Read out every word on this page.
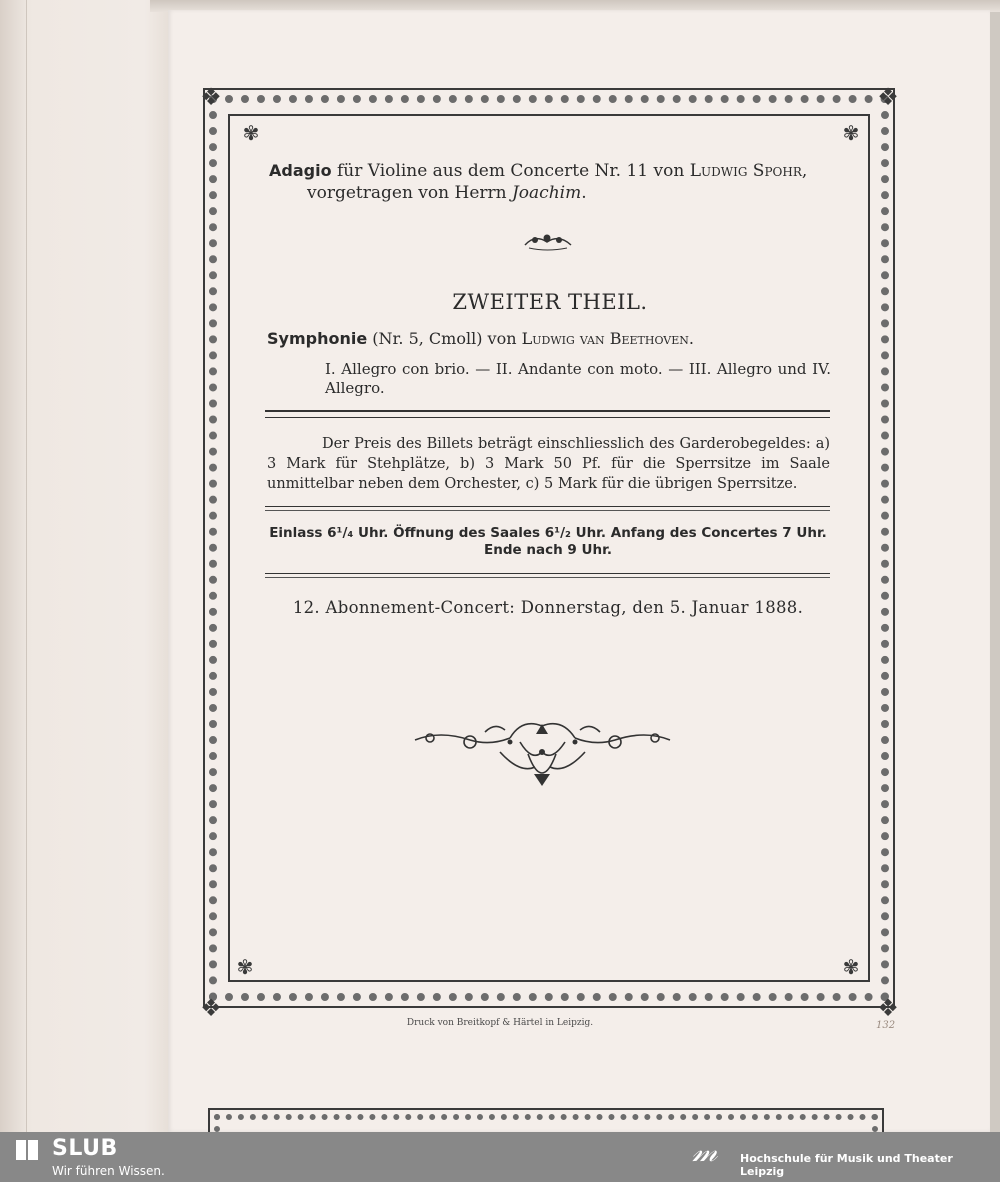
❖	❖
❖	❖
✾	✾
✾	✾
Adagio für Violine aus dem Concerte Nr. 11 von Ludwig Spohr,
vorgetragen von Herrn Joachim.
ZWEITER THEIL.
Symphonie (Nr. 5, Cmoll) von Ludwig van Beethoven.
I. Allegro con brio. — II. Andante con moto. — III. Allegro und IV. Allegro.
Der Preis des Billets beträgt einschliesslich des Garderobegeldes: a) 3 Mark für Stehplätze, b) 3 Mark 50 Pf. für die Sperrsitze im Saale unmittelbar neben dem Orchester, c) 5 Mark für die übrigen Sperrsitze.
Einlass 6¹/₄ Uhr. Öffnung des Saales 6¹/₂ Uhr. Anfang des Concertes 7 Uhr.
Ende nach 9 Uhr.
12. Abonnement-Concert: Donnerstag, den 5. Januar 1888.
Druck von Breitkopf & Härtel in Leipzig.	132
SLUB
Wir führen Wissen.
𝓂 Hochschule für Musik und Theater Leipzig
